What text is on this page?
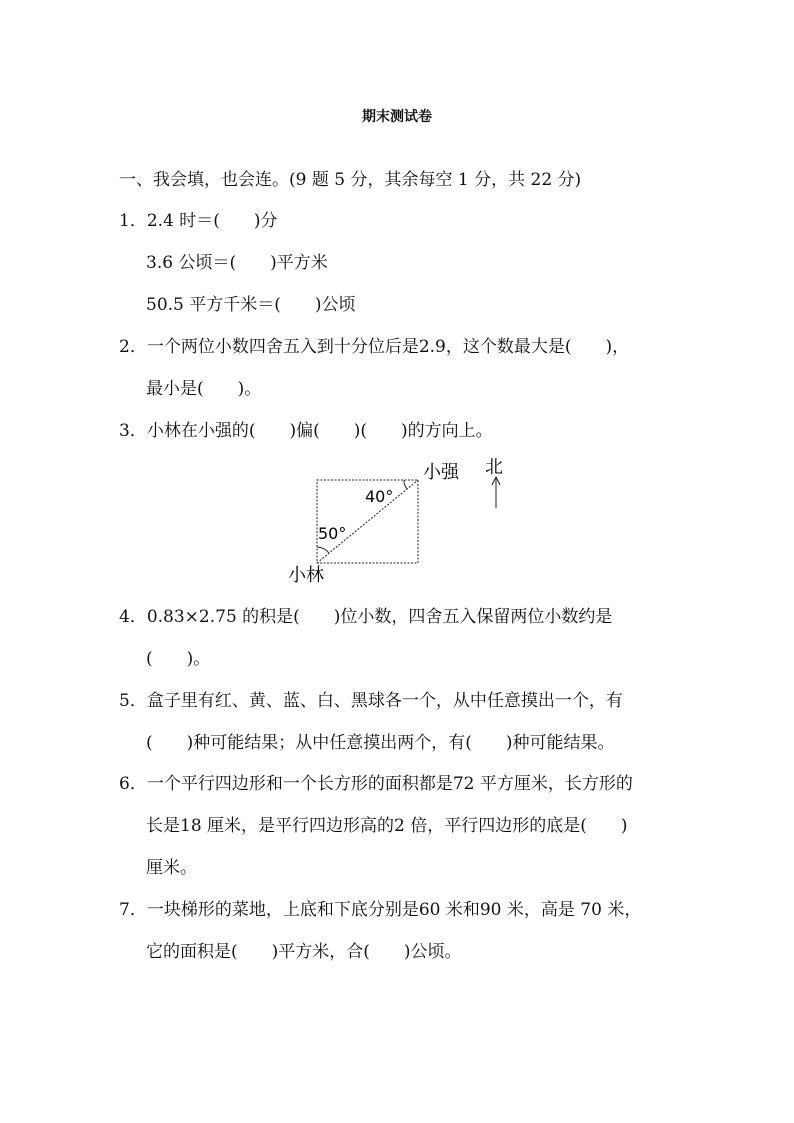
期末测试卷
一、我会填，也会连。(9 题 5 分，其余每空 1 分，共 22 分)
1．2.4 时＝(　　)分
3.6 公顷＝(　　)平方米
50.5 平方千米＝(　　)公顷
2．一个两位小数四舍五入到十分位后是2.9，这个数最大是(　　)，
最小是(　　)。
3．小林在小强的(　　)偏(　　)(　　)的方向上。
40°
50°
小强
小林
北
4．0.83×2.75 的积是(　　)位小数，四舍五入保留两位小数约是
(　　)。
5．盒子里有红、黄、蓝、白、黑球各一个，从中任意摸出一个，有
(　　)种可能结果；从中任意摸出两个，有(　　)种可能结果。
6．一个平行四边形和一个长方形的面积都是72 平方厘米，长方形的
长是18 厘米，是平行四边形高的2 倍，平行四边形的底是(　　)
厘米。
7．一块梯形的菜地，上底和下底分别是60 米和90 米，高是 70 米，
它的面积是(　　)平方米，合(　　)公顷。
